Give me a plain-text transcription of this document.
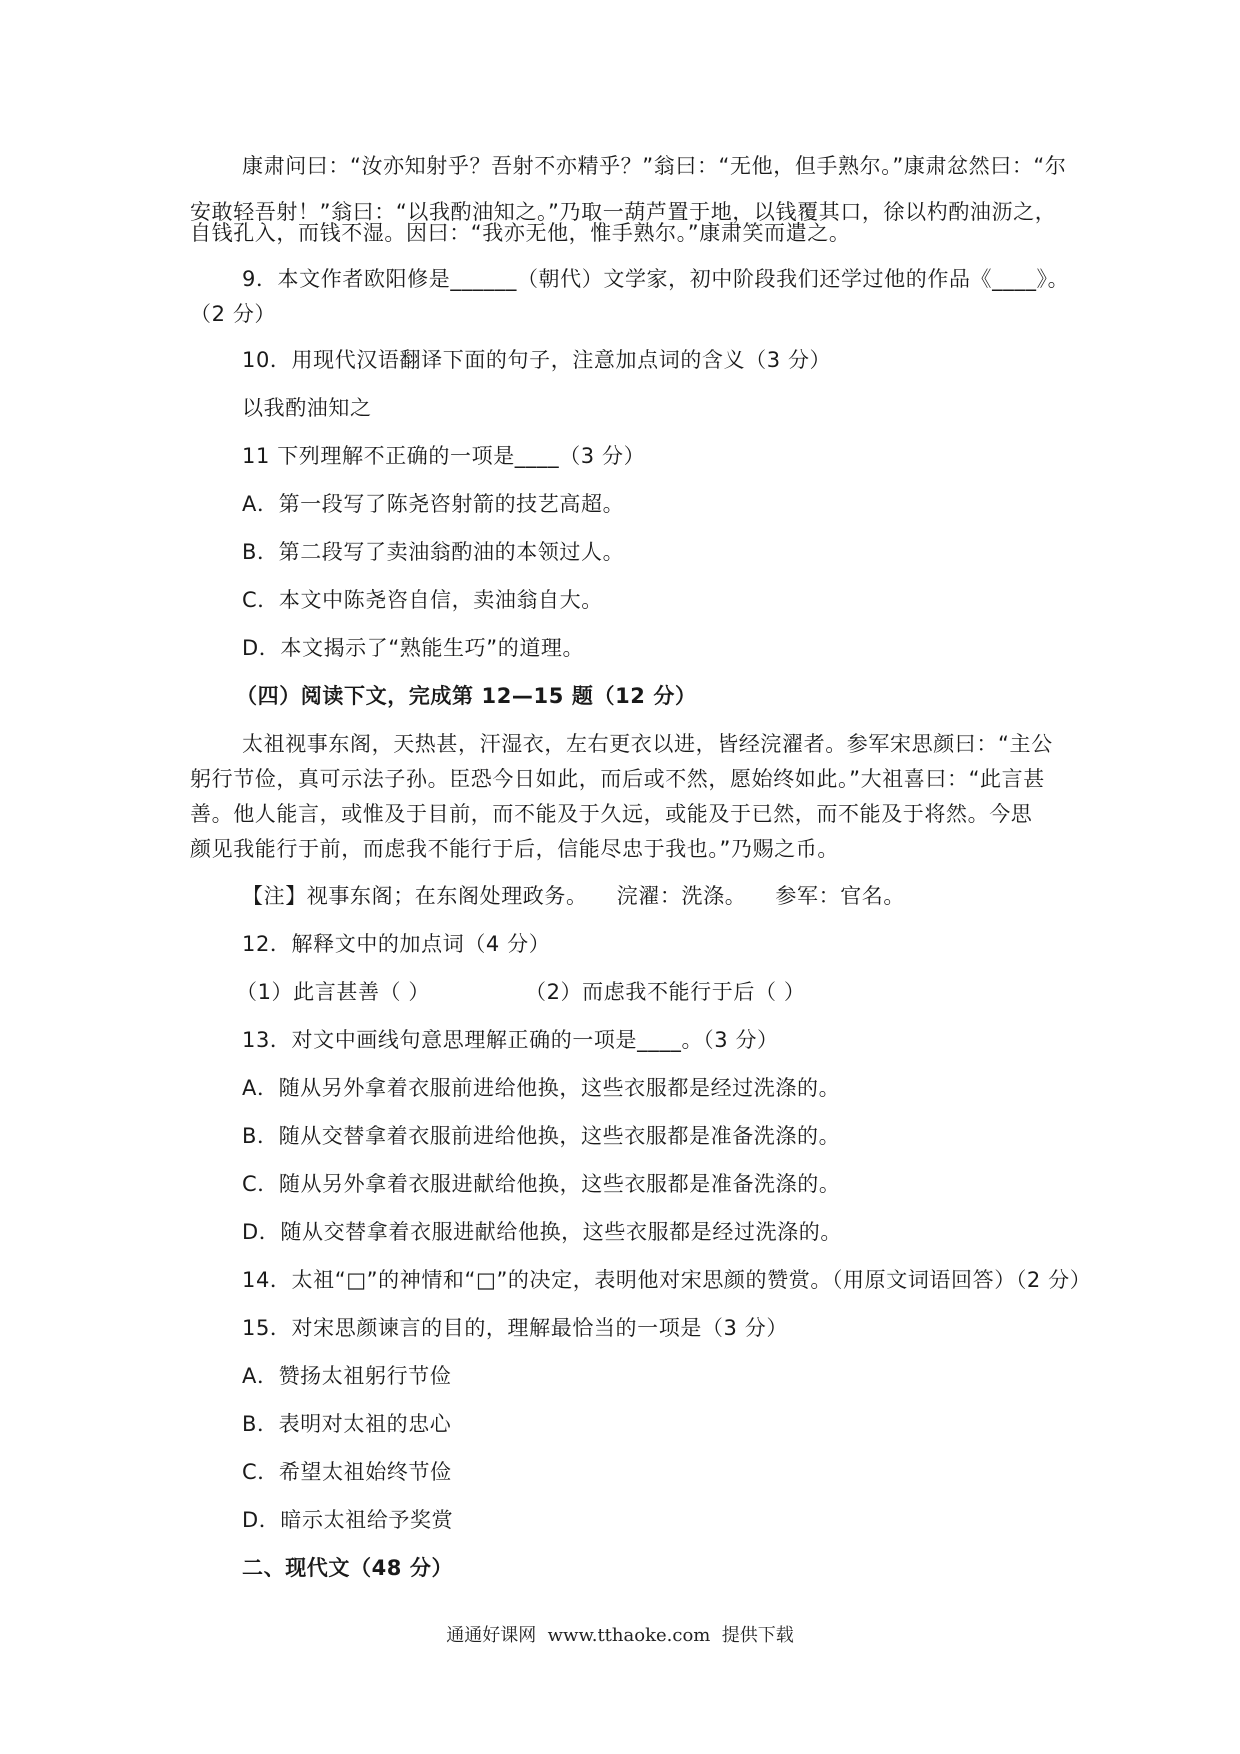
康肃问曰：“汝亦知射乎？吾射不亦精乎？”翁曰：“无他，但手熟尔。”康肃忿然曰：“尔
安敢轻吾射！”翁曰：“以我酌油知之。”乃取一葫芦置于地，以钱覆其口，徐以杓酌油沥之，
自钱孔入，而钱不湿。因曰：“我亦无他，惟手熟尔。”康肃笑而遣之。
9．本文作者欧阳修是______（朝代）文学家，初中阶段我们还学过他的作品《____》。
（2 分）
10．用现代汉语翻译下面的句子，注意加点词的含义（3 分）
以我酌油知之
11 下列理解不正确的一项是____（3 分）
A．第一段写了陈尧咨射箭的技艺高超。
B．第二段写了卖油翁酌油的本领过人。
C．本文中陈尧咨自信，卖油翁自大。
D．本文揭示了“熟能生巧”的道理。
（四）阅读下文，完成第 12—15 题（12 分）
太祖视事东阁，天热甚，汗湿衣，左右更衣以进，皆经浣濯者。参军宋思颜曰：“主公
躬行节俭，真可示法子孙。臣恐今日如此，而后或不然，愿始终如此。”大祖喜曰：“此言甚
善。他人能言，或惟及于目前，而不能及于久远，或能及于已然，而不能及于将然。今思
颜见我能行于前，而虑我不能行于后，信能尽忠于我也。”乃赐之币。
【注】视事东阁；在东阁处理政务。    浣濯：洗涤。    参军：官名。
12．解释文中的加点词（4 分）
（1）此言甚善（ ）	（2）而虑我不能行于后（ ）
13．对文中画线句意思理解正确的一项是____。（3 分）
A．随从另外拿着衣服前进给他换，这些衣服都是经过洗涤的。
B．随从交替拿着衣服前进给他换，这些衣服都是准备洗涤的。
C．随从另外拿着衣服进献给他换，这些衣服都是准备洗涤的。
D．随从交替拿着衣服进献给他换，这些衣服都是经过洗涤的。
14．太祖“□”的神情和“□”的决定，表明他对宋思颜的赞赏。（用原文词语回答）（2 分）
15．对宋思颜谏言的目的，理解最恰当的一项是（3 分）
A．赞扬太祖躬行节俭
B．表明对太祖的忠心
C．希望太祖始终节俭
D．暗示太祖给予奖赏
二、现代文（48 分）
通通好课网  www.tthaoke.com  提供下载
